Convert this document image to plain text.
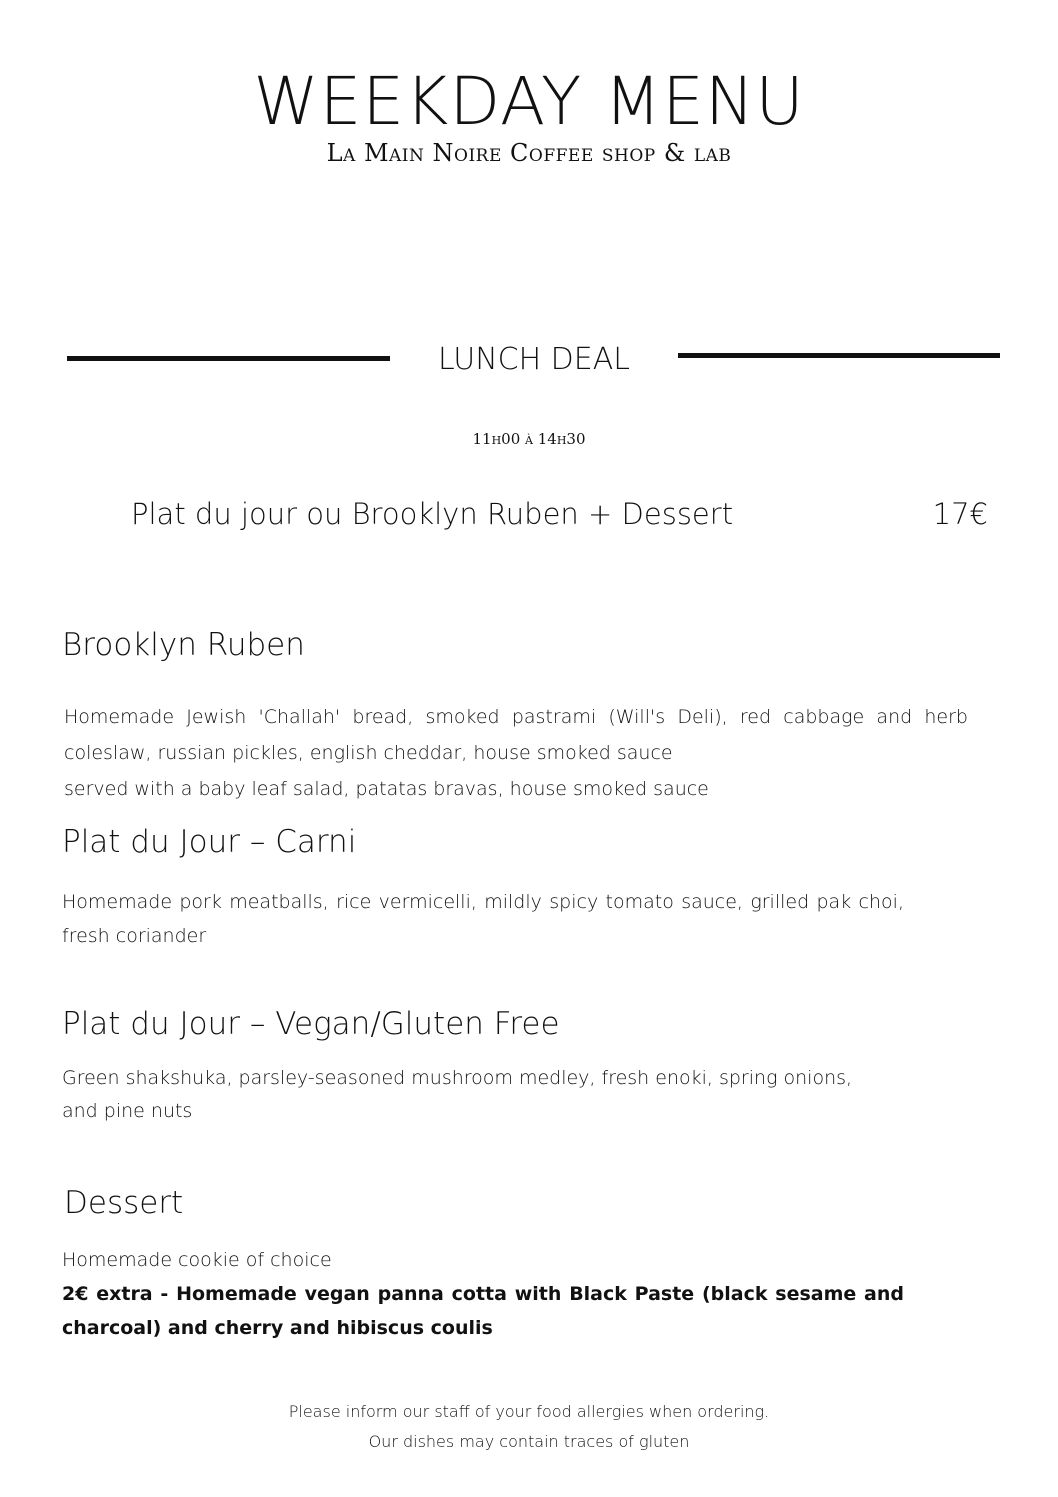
WEEKDAY MENU
La Main Noire Coffee shop & lab
LUNCH DEAL
11h00 à 14h30
Plat du jour ou Brooklyn Ruben + Dessert	17€
Brooklyn Ruben
Homemade Jewish 'Challah' bread, smoked pastrami (Will's Deli), red cabbage and herb coleslaw, russian pickles, english cheddar, house smoked sauce
served with a baby leaf salad, patatas bravas, house smoked sauce
Plat du Jour – Carni
Homemade pork meatballs, rice vermicelli, mildly spicy tomato sauce, grilled pak choi, fresh coriander
Plat du Jour – Vegan/Gluten Free
Green shakshuka, parsley-seasoned mushroom medley, fresh enoki, spring onions, and pine nuts
Dessert
Homemade cookie of choice
2€ extra - Homemade vegan panna cotta with Black Paste (black sesame and charcoal) and cherry and hibiscus coulis
Please inform our staff of your food allergies when ordering.
Our dishes may contain traces of gluten
